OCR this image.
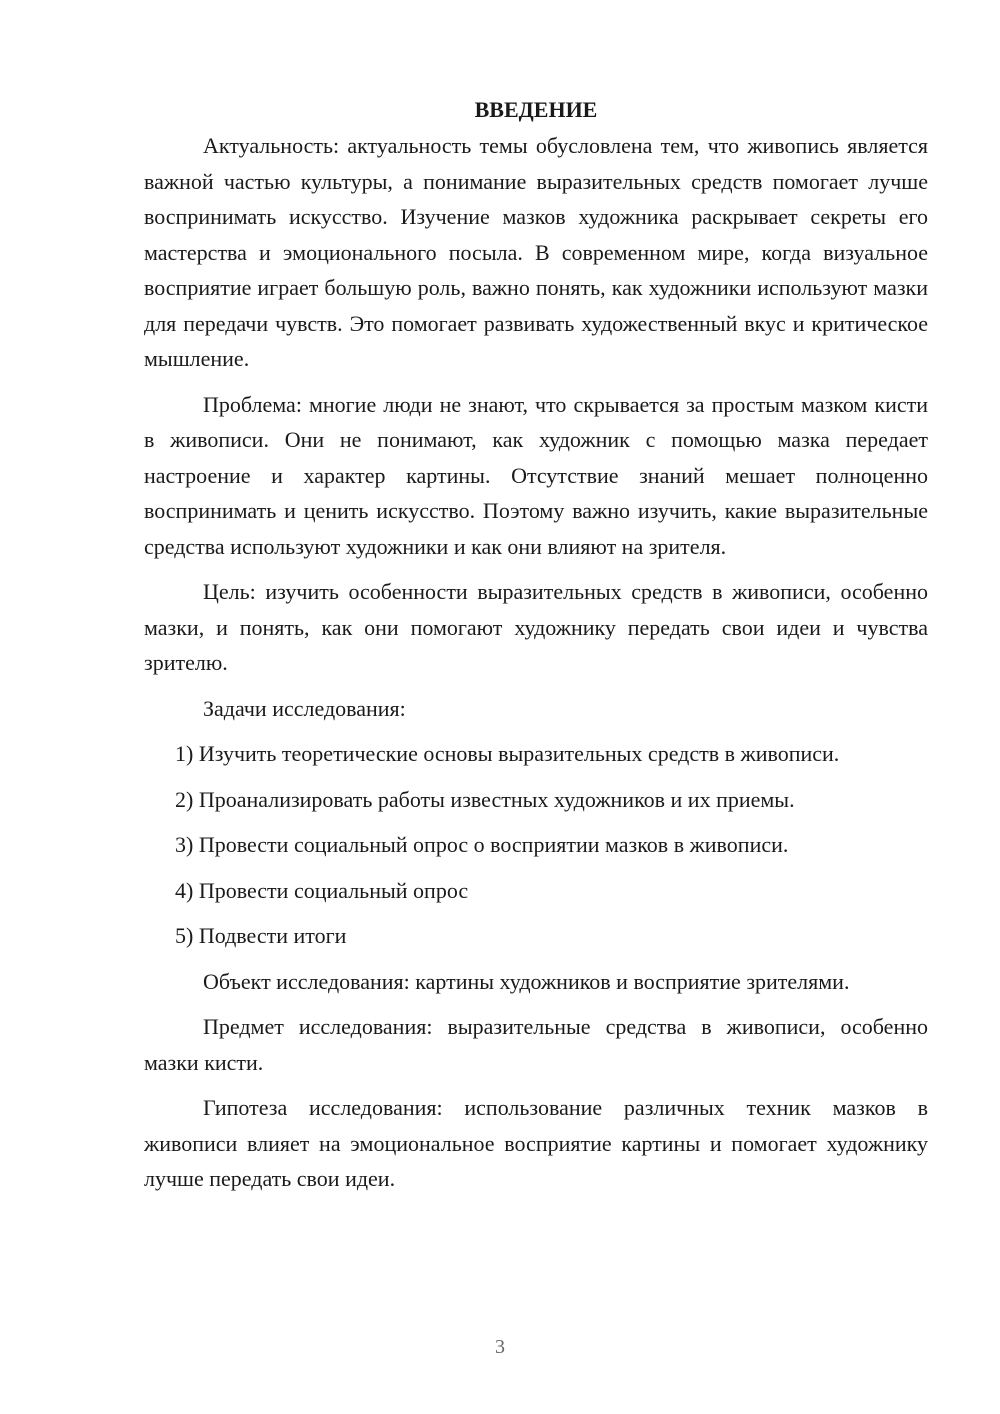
ВВЕДЕНИЕ

Актуальность: актуальность темы обусловлена тем, что живопись является важной частью культуры, а понимание выразительных средств помогает лучше воспринимать искусство. Изучение мазков художника раскрывает секреты его мастерства и эмоционального посыла. В современном мире, когда визуальное восприятие играет большую роль, важно понять, как художники используют мазки для передачи чувств. Это помогает развивать художественный вкус и критическое мышление.

Проблема: многие люди не знают, что скрывается за простым мазком кисти в живописи. Они не понимают, как художник с помощью мазка передает настроение и характер картины. Отсутствие знаний мешает полноценно воспринимать и ценить искусство. Поэтому важно изучить, какие выразительные средства используют художники и как они влияют на зрителя.

Цель: изучить особенности выразительных средств в живописи, особенно мазки, и понять, как они помогают художнику передать свои идеи и чувства зрителю.

Задачи исследования:

1) Изучить теоретические основы выразительных средств в живописи.

2) Проанализировать работы известных художников и их приемы.

3) Провести социальный опрос о восприятии мазков в живописи.

4) Провести социальный опрос

5) Подвести итоги

Объект исследования: картины художников и восприятие зрителями.

Предмет исследования: выразительные средства в живописи, особенно мазки кисти.

Гипотеза исследования: использование различных техник мазков в живописи влияет на эмоциональное восприятие картины и помогает художнику лучше передать свои идеи.

3
